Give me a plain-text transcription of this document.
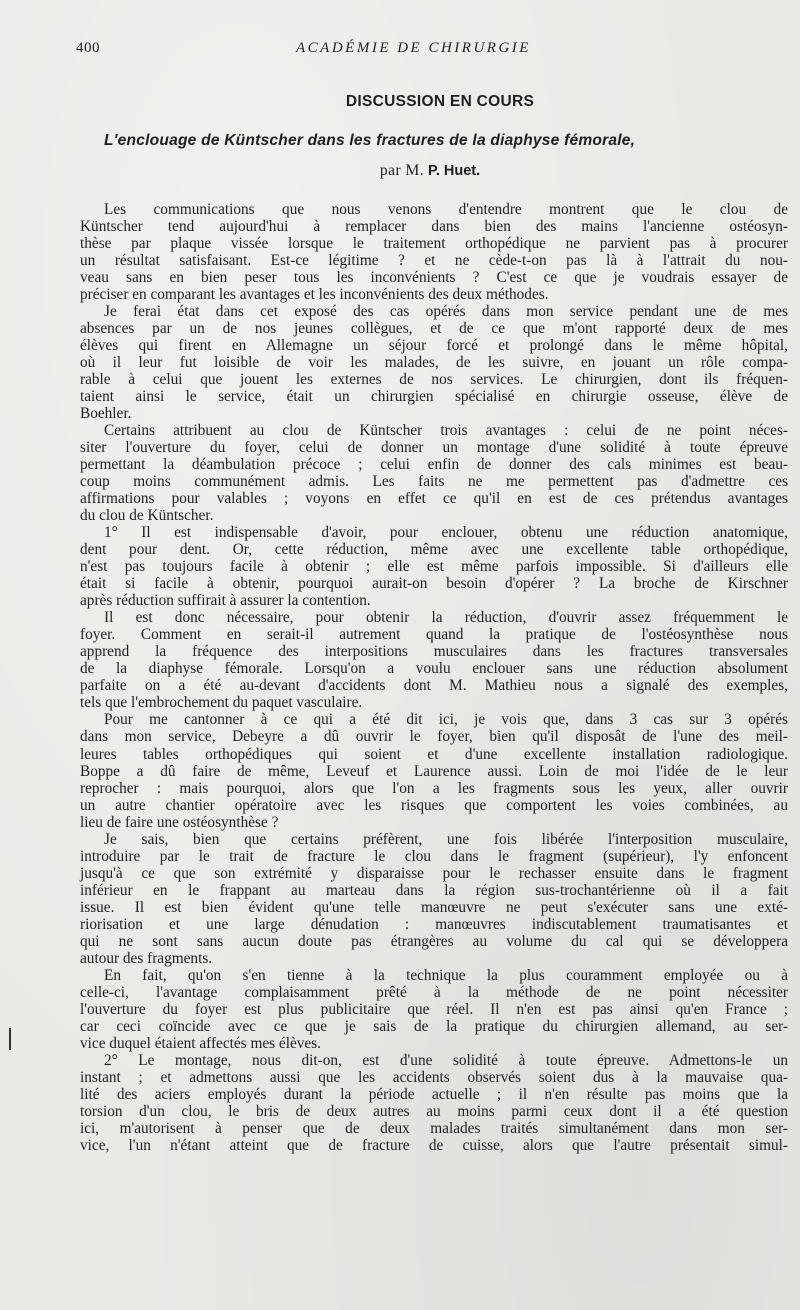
400	ACADÉMIE DE CHIRURGIE
DISCUSSION EN COURS
L'enclouage de Küntscher dans les fractures de la diaphyse fémorale,
par M. P. Huet.
Les communications que nous venons d'entendre montrent que le clou de
Küntscher tend aujourd'hui à remplacer dans bien des mains l'ancienne ostéosyn-
thèse par plaque vissée lorsque le traitement orthopédique ne parvient pas à procurer
un résultat satisfaisant. Est-ce légitime ? et ne cède-t-on pas là à l'attrait du nou-
veau sans en bien peser tous les inconvénients ? C'est ce que je voudrais essayer de
préciser en comparant les avantages et les inconvénients des deux méthodes.
Je ferai état dans cet exposé des cas opérés dans mon service pendant une de mes
absences par un de nos jeunes collègues, et de ce que m'ont rapporté deux de mes
élèves qui firent en Allemagne un séjour forcé et prolongé dans le même hôpital,
où il leur fut loisible de voir les malades, de les suivre, en jouant un rôle compa-
rable à celui que jouent les externes de nos services. Le chirurgien, dont ils fréquen-
taient ainsi le service, était un chirurgien spécialisé en chirurgie osseuse, élève de
Boehler.
Certains attribuent au clou de Küntscher trois avantages : celui de ne point néces-
siter l'ouverture du foyer, celui de donner un montage d'une solidité à toute épreuve
permettant la déambulation précoce ; celui enfin de donner des cals minimes est beau-
coup moins communément admis. Les faits ne me permettent pas d'admettre ces
affirmations pour valables ; voyons en effet ce qu'il en est de ces prétendus avantages
du clou de Küntscher.
1° Il est indispensable d'avoir, pour enclouer, obtenu une réduction anatomique,
dent pour dent. Or, cette réduction, même avec une excellente table orthopédique,
n'est pas toujours facile à obtenir ; elle est même parfois impossible. Si d'ailleurs elle
était si facile à obtenir, pourquoi aurait-on besoin d'opérer ? La broche de Kirschner
après réduction suffirait à assurer la contention.
Il est donc nécessaire, pour obtenir la réduction, d'ouvrir assez fréquemment le
foyer. Comment en serait-il autrement quand la pratique de l'ostéosynthèse nous
apprend la fréquence des interpositions musculaires dans les fractures transversales
de la diaphyse fémorale. Lorsqu'on a voulu enclouer sans une réduction absolument
parfaite on a été au-devant d'accidents dont M. Mathieu nous a signalé des exemples,
tels que l'embrochement du paquet vasculaire.
Pour me cantonner à ce qui a été dit ici, je vois que, dans 3 cas sur 3 opérés
dans mon service, Debeyre a dû ouvrir le foyer, bien qu'il disposât de l'une des meil-
leures tables orthopédiques qui soient et d'une excellente installation radiologique.
Boppe a dû faire de même, Leveuf et Laurence aussi. Loin de moi l'idée de le leur
reprocher : mais pourquoi, alors que l'on a les fragments sous les yeux, aller ouvrir
un autre chantier opératoire avec les risques que comportent les voies combinées, au
lieu de faire une ostéosynthèse ?
Je sais, bien que certains préfèrent, une fois libérée l'interposition musculaire,
introduire par le trait de fracture le clou dans le fragment (supérieur), l'y enfoncent
jusqu'à ce que son extrémité y disparaisse pour le rechasser ensuite dans le fragment
inférieur en le frappant au marteau dans la région sus-trochantérienne où il a fait
issue. Il est bien évident qu'une telle manœuvre ne peut s'exécuter sans une exté-
riorisation et une large dénudation : manœuvres indiscutablement traumatisantes et
qui ne sont sans aucun doute pas étrangères au volume du cal qui se développera
autour des fragments.
En fait, qu'on s'en tienne à la technique la plus couramment employée ou à
celle-ci, l'avantage complaisamment prêté à la méthode de ne point nécessiter
l'ouverture du foyer est plus publicitaire que réel. Il n'en est pas ainsi qu'en France ;
car ceci coïncide avec ce que je sais de la pratique du chirurgien allemand, au ser-
vice duquel étaient affectés mes élèves.
2° Le montage, nous dit-on, est d'une solidité à toute épreuve. Admettons-le un
instant ; et admettons aussi que les accidents observés soient dus à la mauvaise qua-
lité des aciers employés durant la période actuelle ; il n'en résulte pas moins que la
torsion d'un clou, le bris de deux autres au moins parmi ceux dont il a été question
ici, m'autorisent à penser que de deux malades traités simultanément dans mon ser-
vice, l'un n'étant atteint que de fracture de cuisse, alors que l'autre présentait simul-
